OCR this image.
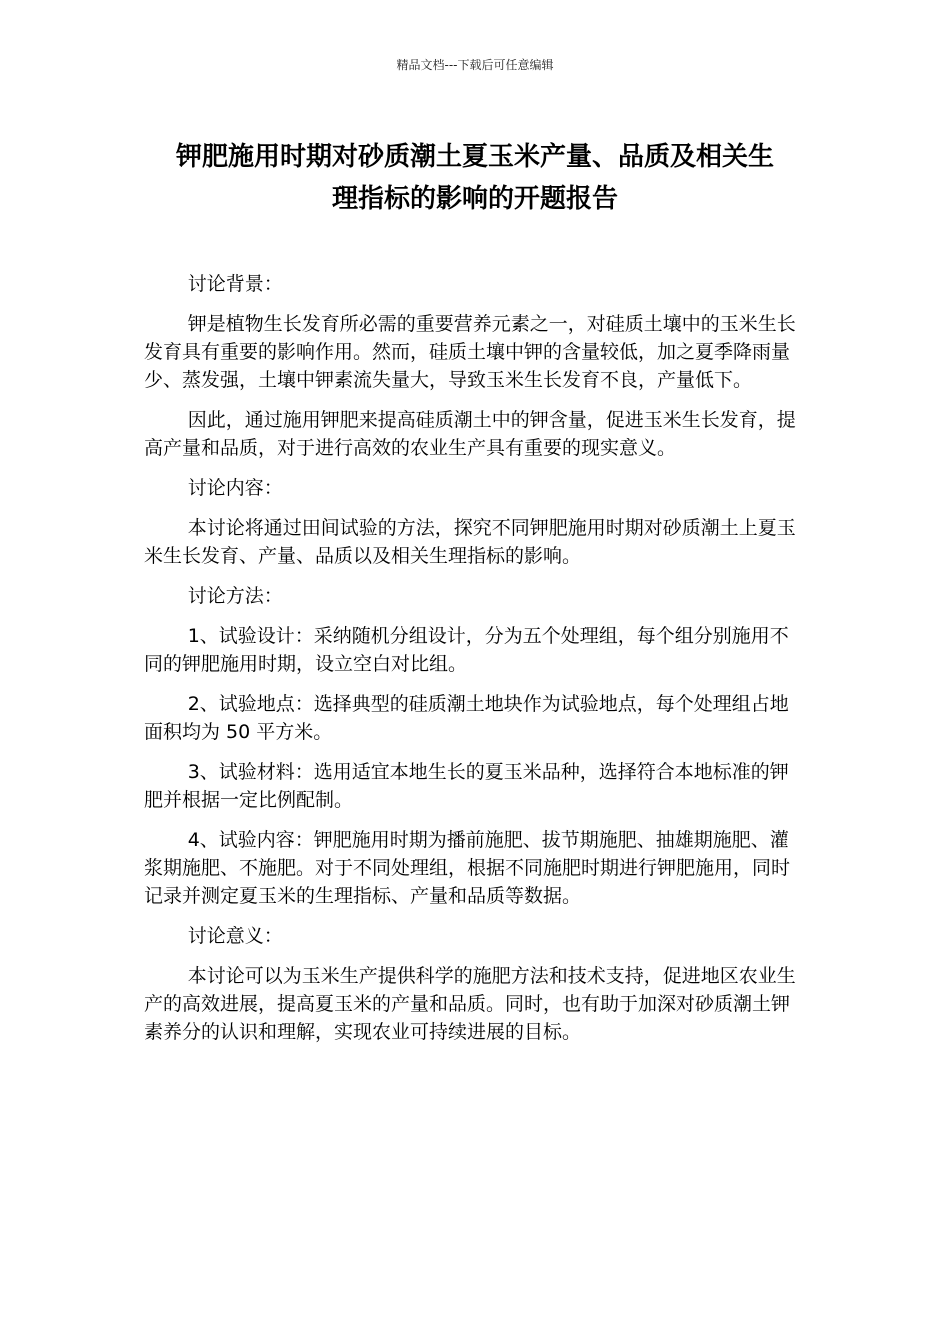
精品文档---下载后可任意编辑
钾肥施用时期对砂质潮土夏玉米产量、品质及相关生
理指标的影响的开题报告

讨论背景：

钾是植物生长发育所必需的重要营养元素之一，对硅质土壤中的玉米生长发育具有重要的影响作用。然而，硅质土壤中钾的含量较低，加之夏季降雨量少、蒸发强，土壤中钾素流失量大，导致玉米生长发育不良，产量低下。

因此，通过施用钾肥来提高硅质潮土中的钾含量，促进玉米生长发育，提高产量和品质，对于进行高效的农业生产具有重要的现实意义。

讨论内容：

本讨论将通过田间试验的方法，探究不同钾肥施用时期对砂质潮土上夏玉米生长发育、产量、品质以及相关生理指标的影响。

讨论方法：

1、试验设计：采纳随机分组设计，分为五个处理组，每个组分别施用不同的钾肥施用时期，设立空白对比组。

2、试验地点：选择典型的硅质潮土地块作为试验地点，每个处理组占地面积均为 50 平方米。

3、试验材料：选用适宜本地生长的夏玉米品种，选择符合本地标准的钾肥并根据一定比例配制。

4、试验内容：钾肥施用时期为播前施肥、拔节期施肥、抽雄期施肥、灌浆期施肥、不施肥。对于不同处理组，根据不同施肥时期进行钾肥施用，同时记录并测定夏玉米的生理指标、产量和品质等数据。

讨论意义：

本讨论可以为玉米生产提供科学的施肥方法和技术支持，促进地区农业生产的高效进展，提高夏玉米的产量和品质。同时，也有助于加深对砂质潮土钾素养分的认识和理解，实现农业可持续进展的目标。
